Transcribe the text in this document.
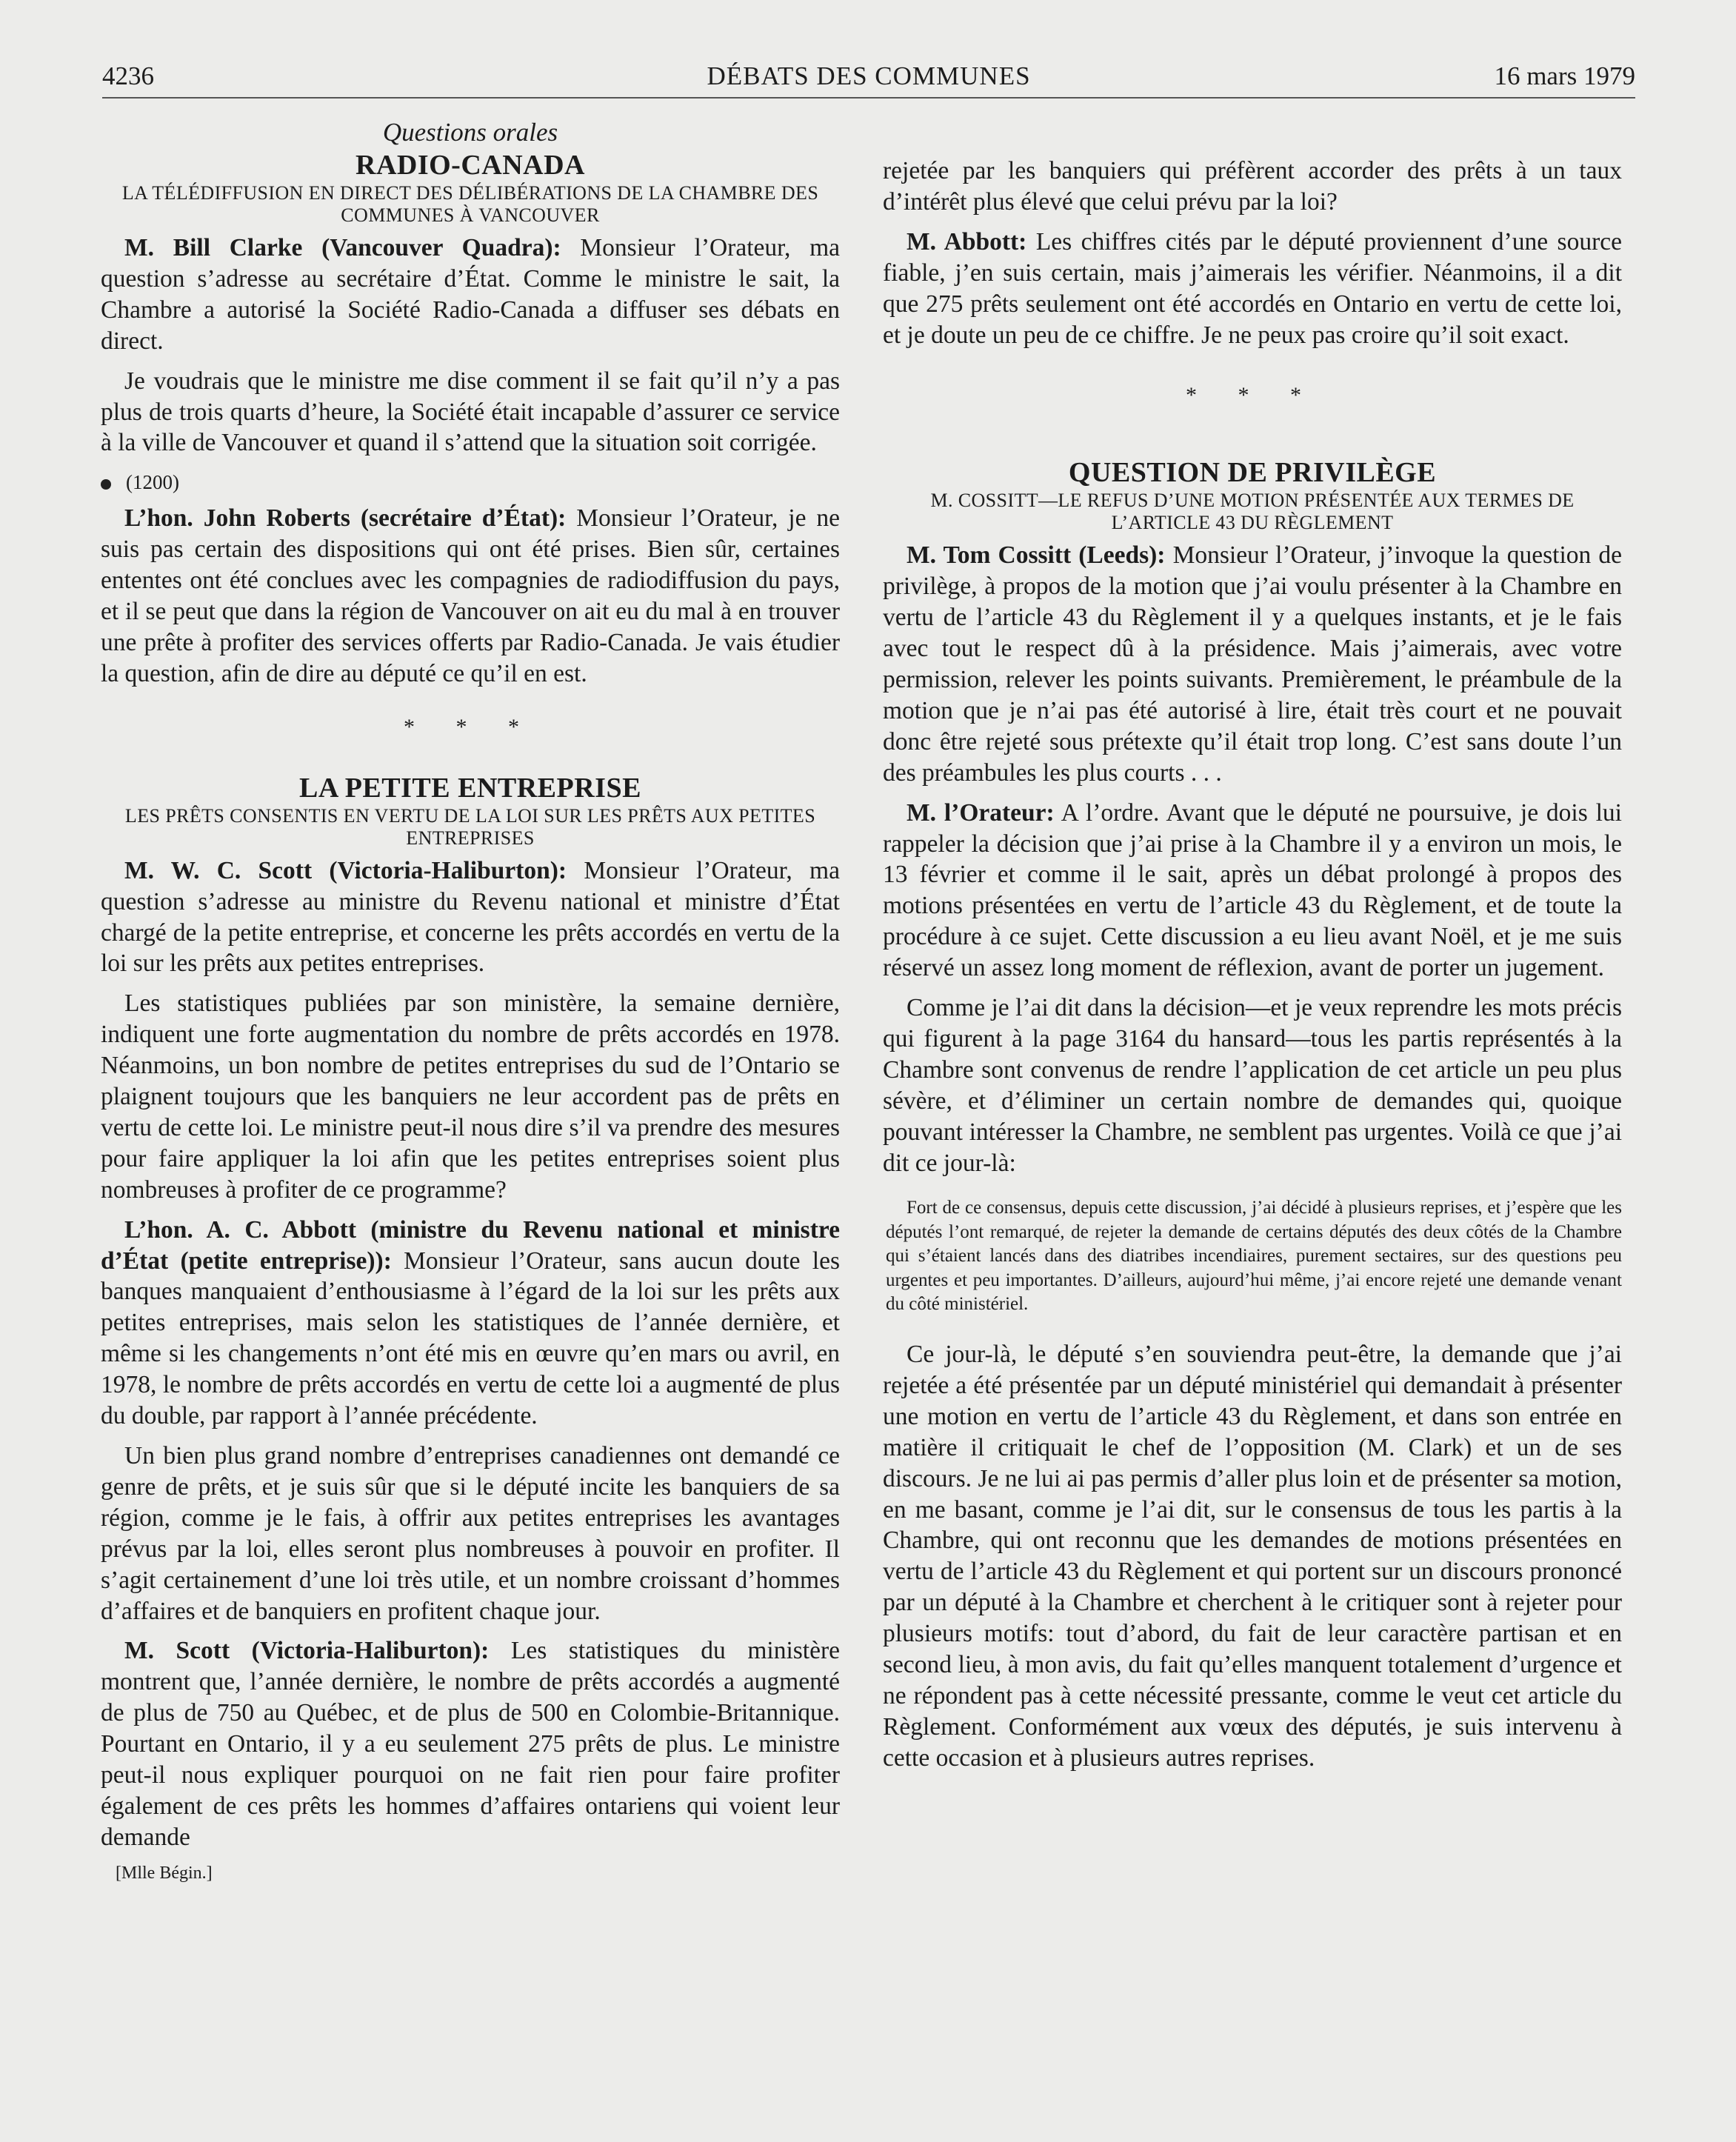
4236	DÉBATS DES COMMUNES	16 mars 1979

Questions orales

RADIO-CANADA

LA TÉLÉDIFFUSION EN DIRECT DES DÉLIBÉRATIONS DE LA CHAMBRE DES COMMUNES À VANCOUVER

M. Bill Clarke (Vancouver Quadra): Monsieur l’Orateur, ma question s’adresse au secrétaire d’État. Comme le ministre le sait, la Chambre a autorisé la Société Radio-Canada a diffuser ses débats en direct.

Je voudrais que le ministre me dise comment il se fait qu’il n’y a pas plus de trois quarts d’heure, la Société était incapable d’assurer ce service à la ville de Vancouver et quand il s’attend que la situation soit corrigée.

(1200)

L’hon. John Roberts (secrétaire d’État): Monsieur l’Orateur, je ne suis pas certain des dispositions qui ont été prises. Bien sûr, certaines ententes ont été conclues avec les compagnies de radiodiffusion du pays, et il se peut que dans la région de Vancouver on ait eu du mal à en trouver une prête à profiter des services offerts par Radio-Canada. Je vais étudier la question, afin de dire au député ce qu’il en est.

* * *

LA PETITE ENTREPRISE

LES PRÊTS CONSENTIS EN VERTU DE LA LOI SUR LES PRÊTS AUX PETITES ENTREPRISES

M. W. C. Scott (Victoria-Haliburton): Monsieur l’Orateur, ma question s’adresse au ministre du Revenu national et ministre d’État chargé de la petite entreprise, et concerne les prêts accordés en vertu de la loi sur les prêts aux petites entreprises.

Les statistiques publiées par son ministère, la semaine dernière, indiquent une forte augmentation du nombre de prêts accordés en 1978. Néanmoins, un bon nombre de petites entreprises du sud de l’Ontario se plaignent toujours que les banquiers ne leur accordent pas de prêts en vertu de cette loi. Le ministre peut-il nous dire s’il va prendre des mesures pour faire appliquer la loi afin que les petites entreprises soient plus nombreuses à profiter de ce programme?

L’hon. A. C. Abbott (ministre du Revenu national et ministre d’État (petite entreprise)): Monsieur l’Orateur, sans aucun doute les banques manquaient d’enthousiasme à l’égard de la loi sur les prêts aux petites entreprises, mais selon les statistiques de l’année dernière, et même si les changements n’ont été mis en œuvre qu’en mars ou avril, en 1978, le nombre de prêts accordés en vertu de cette loi a augmenté de plus du double, par rapport à l’année précédente.

Un bien plus grand nombre d’entreprises canadiennes ont demandé ce genre de prêts, et je suis sûr que si le député incite les banquiers de sa région, comme je le fais, à offrir aux petites entreprises les avantages prévus par la loi, elles seront plus nombreuses à pouvoir en profiter. Il s’agit certainement d’une loi très utile, et un nombre croissant d’hommes d’affaires et de banquiers en profitent chaque jour.

M. Scott (Victoria-Haliburton): Les statistiques du ministère montrent que, l’année dernière, le nombre de prêts accordés a augmenté de plus de 750 au Québec, et de plus de 500 en Colombie-Britannique. Pourtant en Ontario, il y a eu seulement 275 prêts de plus. Le ministre peut-il nous expliquer pourquoi on ne fait rien pour faire profiter également de ces prêts les hommes d’affaires ontariens qui voient leur demande

[Mlle Bégin.]

rejetée par les banquiers qui préfèrent accorder des prêts à un taux d’intérêt plus élevé que celui prévu par la loi?

M. Abbott: Les chiffres cités par le député proviennent d’une source fiable, j’en suis certain, mais j’aimerais les vérifier. Néanmoins, il a dit que 275 prêts seulement ont été accordés en Ontario en vertu de cette loi, et je doute un peu de ce chiffre. Je ne peux pas croire qu’il soit exact.

* * *

QUESTION DE PRIVILÈGE

M. COSSITT—LE REFUS D’UNE MOTION PRÉSENTÉE AUX TERMES DE L’ARTICLE 43 DU RÈGLEMENT

M. Tom Cossitt (Leeds): Monsieur l’Orateur, j’invoque la question de privilège, à propos de la motion que j’ai voulu présenter à la Chambre en vertu de l’article 43 du Règlement il y a quelques instants, et je le fais avec tout le respect dû à la présidence. Mais j’aimerais, avec votre permission, relever les points suivants. Premièrement, le préambule de la motion que je n’ai pas été autorisé à lire, était très court et ne pouvait donc être rejeté sous prétexte qu’il était trop long. C’est sans doute l’un des préambules les plus courts . . .

M. l’Orateur: A l’ordre. Avant que le député ne poursuive, je dois lui rappeler la décision que j’ai prise à la Chambre il y a environ un mois, le 13 février et comme il le sait, après un débat prolongé à propos des motions présentées en vertu de l’article 43 du Règlement, et de toute la procédure à ce sujet. Cette discussion a eu lieu avant Noël, et je me suis réservé un assez long moment de réflexion, avant de porter un jugement.

Comme je l’ai dit dans la décision—et je veux reprendre les mots précis qui figurent à la page 3164 du hansard—tous les partis représentés à la Chambre sont convenus de rendre l’application de cet article un peu plus sévère, et d’éliminer un certain nombre de demandes qui, quoique pouvant intéresser la Chambre, ne semblent pas urgentes. Voilà ce que j’ai dit ce jour-là:

Fort de ce consensus, depuis cette discussion, j’ai décidé à plusieurs reprises, et j’espère que les députés l’ont remarqué, de rejeter la demande de certains députés des deux côtés de la Chambre qui s’étaient lancés dans des diatribes incendiaires, purement sectaires, sur des questions peu urgentes et peu importantes. D’ailleurs, aujourd’hui même, j’ai encore rejeté une demande venant du côté ministériel.

Ce jour-là, le député s’en souviendra peut-être, la demande que j’ai rejetée a été présentée par un député ministériel qui demandait à présenter une motion en vertu de l’article 43 du Règlement, et dans son entrée en matière il critiquait le chef de l’opposition (M. Clark) et un de ses discours. Je ne lui ai pas permis d’aller plus loin et de présenter sa motion, en me basant, comme je l’ai dit, sur le consensus de tous les partis à la Chambre, qui ont reconnu que les demandes de motions présentées en vertu de l’article 43 du Règlement et qui portent sur un discours prononcé par un député à la Chambre et cherchent à le critiquer sont à rejeter pour plusieurs motifs: tout d’abord, du fait de leur caractère partisan et en second lieu, à mon avis, du fait qu’elles manquent totalement d’urgence et ne répondent pas à cette nécessité pressante, comme le veut cet article du Règlement. Conformément aux vœux des députés, je suis intervenu à cette occasion et à plusieurs autres reprises.
